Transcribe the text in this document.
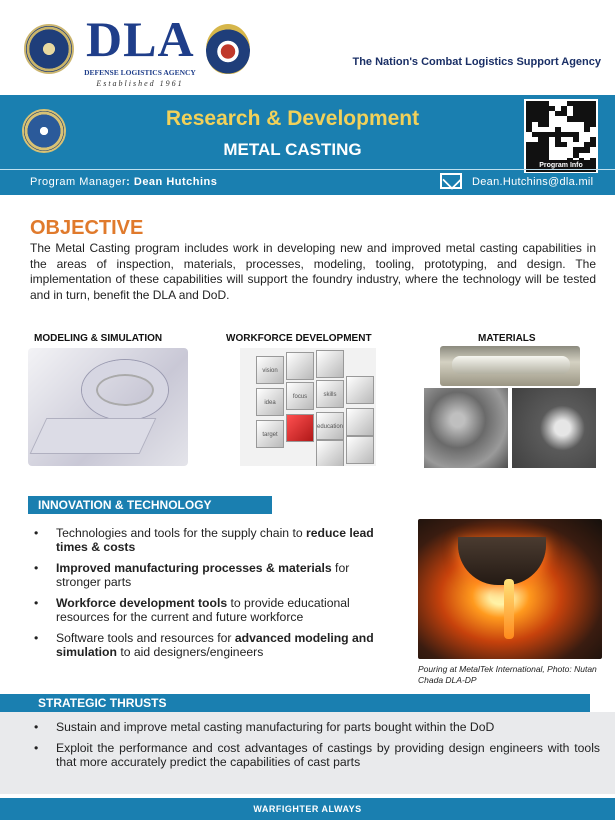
DLA
DEFENSE LOGISTICS AGENCY
Established 1961
The Nation's Combat Logistics Support Agency
Research & Development
METAL CASTING
Program Info
Program Manager: Dean Hutchins	Dean.Hutchins@dla.mil
OBJECTIVE
The Metal Casting program includes work in developing new and improved metal casting capabilities in the areas of inspection, materials, processes, modeling, tooling, prototyping, and design. The implementation of these capabilities will support the foundry industry, where the technology will be tested and in turn, benefit the DLA and DoD.
MODELING & SIMULATION	WORKFORCE DEVELOPMENT	MATERIALS
vision
idea
focus	skills
target
education
INNOVATION & TECHNOLOGY
• Technologies and tools for the supply chain to reduce lead times & costs
• Improved manufacturing processes & materials for stronger parts
• Workforce development tools to provide educational resources for the current and future workforce
• Software tools and resources for advanced modeling and simulation to aid designers/engineers
Pouring at MetalTek International, Photo: Nutan Chada DLA-DP
STRATEGIC THRUSTS
• Sustain and improve metal casting manufacturing for parts bought within the DoD
• Exploit the performance and cost advantages of castings by providing design engineers with tools that more accurately predict the capabilities of cast parts
WARFIGHTER ALWAYS
